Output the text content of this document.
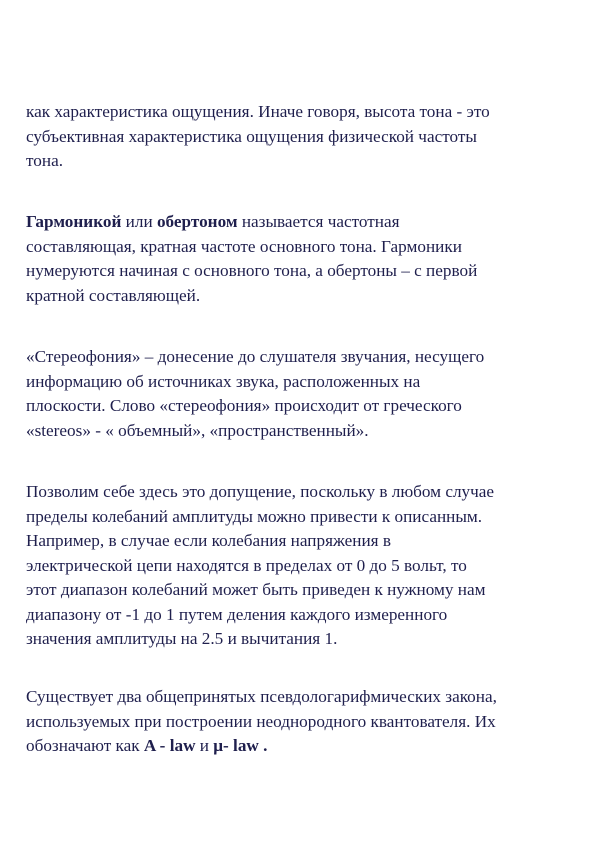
как характеристика ощущения. Иначе говоря, высота тона - это
субъективная характеристика ощущения физической частоты
тона.

Гармоникой или обертоном называется частотная
составляющая, кратная частоте основного тона. Гармоники
нумеруются начиная с основного тона, а обертоны – с первой
кратной составляющей.

«Стереофония» – донесение до слушателя звучания, несущего
информацию об источниках звука, расположенных на
плоскости. Слово «стереофония» происходит от греческого
«stereos» - « объемный», «пространственный».

Позволим себе здесь это допущение, поскольку в любом случае
пределы колебаний амплитуды можно привести к описанным.
Например, в случае если колебания напряжения в
электрической цепи находятся в пределах от 0 до 5 вольт, то
этот диапазон колебаний может быть приведен к нужному нам
диапазону от -1 до 1 путем деления каждого измеренного
значения амплитуды на 2.5 и вычитания 1.

Существует два общепринятых псевдологарифмических закона,
используемых при построении неоднородного квантователя. Их
обозначают как A - law и μ- law .
